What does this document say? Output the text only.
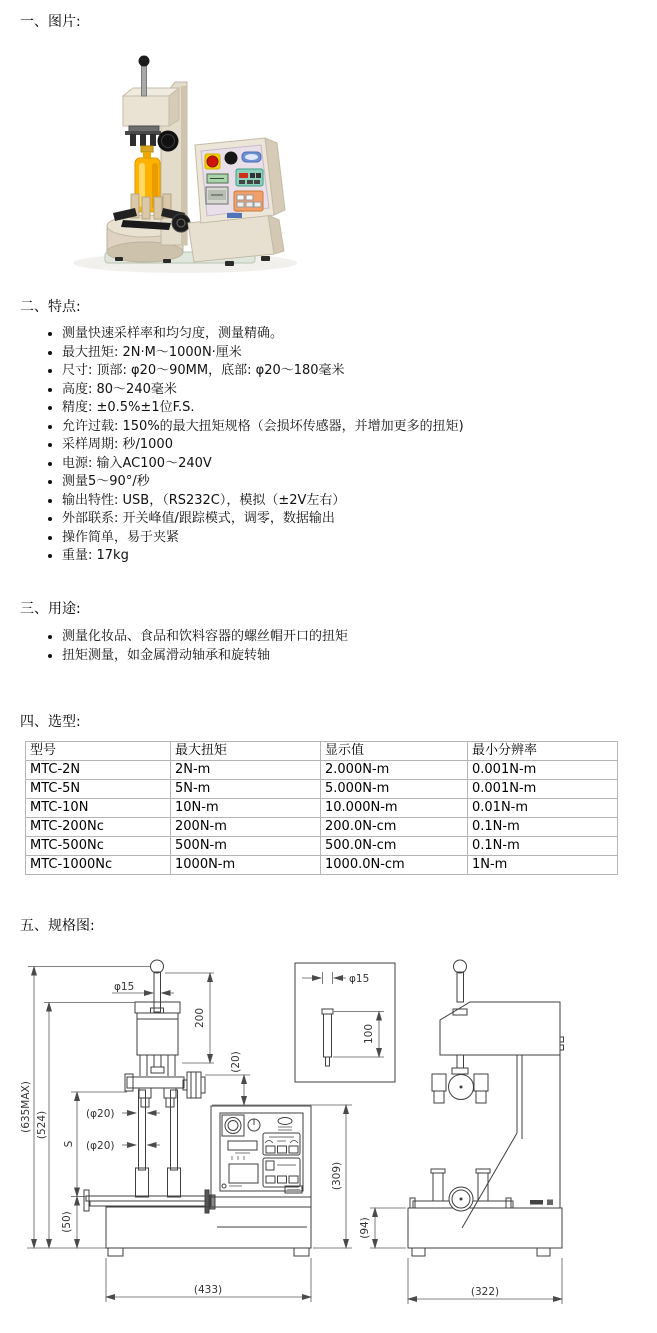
一、图片:
二、特点:
• 测量快速采样率和均匀度，测量精确。
• 最大扭矩: 2N·M～1000N·厘米
• 尺寸: 顶部: φ20～90MM，底部: φ20～180毫米
• 高度: 80～240毫米
• 精度: ±0.5%±1位F.S.
• 允许过载: 150%的最大扭矩规格（会损坏传感器，并增加更多的扭矩)
• 采样周期: 秒/1000
• 电源: 输入AC100～240V
• 测量5～90°/秒
• 输出特性: USB，（RS232C），模拟（±2V左右）
• 外部联系: 开关峰值/跟踪模式，调零，数据输出
• 操作简单，易于夹紧
• 重量: 17kg
三、用途:
• 测量化妆品、食品和饮料容器的螺丝帽开口的扭矩
• 扭矩测量，如金属滑动轴承和旋转轴
四、选型:
型号	最大扭矩	显示值	最小分辨率
MTC-2N	2N-m	2.000N-m	0.001N-m
MTC-5N	5N-m	5.000N-m	0.001N-m
MTC-10N	10N-m	10.000N-m	0.01N-m
MTC-200Nc	200N-m	200.0N-cm	0.1N-m
MTC-500Nc	500N-m	500.0N-cm	0.1N-m
MTC-1000Nc	1000N-m	1000.0N-cm	1N-m
五、规格图:
(635MAX) (524)
S
(50)
φ15
200
(20)
(φ20)
(φ20)
(309)
(433)
φ15
100
(94)
(322)
